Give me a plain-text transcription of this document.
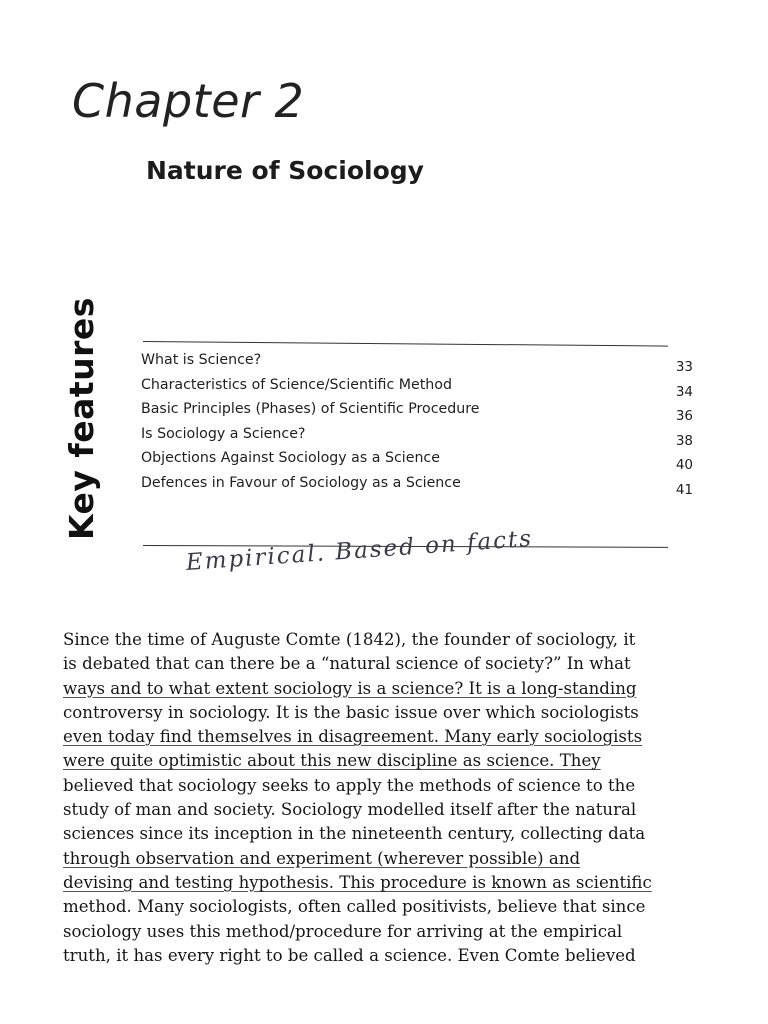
Chapter 2
Nature of Sociology
Key features	What is Science?	33
Characteristics of Science/Scientific Method	34
Basic Principles (Phases) of Scientific Procedure	36
Is Sociology a Science?	38
Objections Against Sociology as a Science	40
Defences in Favour of Sociology as a Science	41
Empirical. Based on facts
Since the time of Auguste Comte (1842), the founder of sociology, it
is debated that can there be a “natural science of society?” In what
ways and to what extent sociology is a science? It is a long-standing
controversy in sociology. It is the basic issue over which sociologists
even today find themselves in disagreement. Many early sociologists
were quite optimistic about this new discipline as science. They
believed that sociology seeks to apply the methods of science to the
study of man and society. Sociology modelled itself after the natural
sciences since its inception in the nineteenth century, collecting data
through observation and experiment (wherever possible) and
devising and testing hypothesis. This procedure is known as scientific
method. Many sociologists, often called positivists, believe that since
sociology uses this method/procedure for arriving at the empirical
truth, it has every right to be called a science. Even Comte believed
